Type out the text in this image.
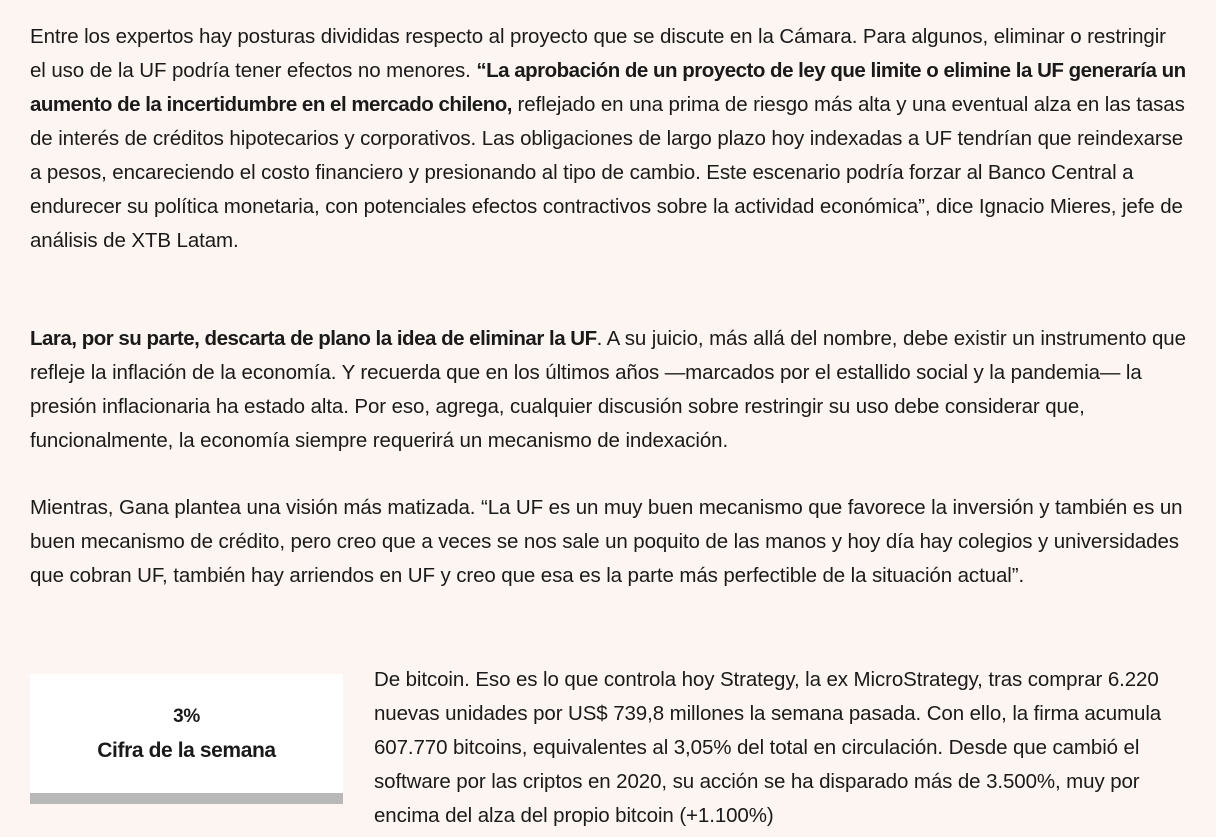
Entre los expertos hay posturas divididas respecto al proyecto que se discute en la Cámara. Para algunos, eliminar o restringir el uso de la UF podría tener efectos no menores. “La aprobación de un proyecto de ley que limite o elimine la UF generaría un aumento de la incertidumbre en el mercado chileno, reflejado en una prima de riesgo más alta y una eventual alza en las tasas de interés de créditos hipotecarios y corporativos. Las obligaciones de largo plazo hoy indexadas a UF tendrían que reindexarse a pesos, encareciendo el costo financiero y presionando al tipo de cambio. Este escenario podría forzar al Banco Central a endurecer su política monetaria, con potenciales efectos contractivos sobre la actividad económica”, dice Ignacio Mieres, jefe de análisis de XTB Latam.

Lara, por su parte, descarta de plano la idea de eliminar la UF. A su juicio, más allá del nombre, debe existir un instrumento que refleje la inflación de la economía. Y recuerda que en los últimos años —marcados por el estallido social y la pandemia— la presión inflacionaria ha estado alta. Por eso, agrega, cualquier discusión sobre restringir su uso debe considerar que, funcionalmente, la economía siempre requerirá un mecanismo de indexación.

Mientras, Gana plantea una visión más matizada. “La UF es un muy buen mecanismo que favorece la inversión y también es un buen mecanismo de crédito, pero creo que a veces se nos sale un poquito de las manos y hoy día hay colegios y universidades que cobran UF, también hay arriendos en UF y creo que esa es la parte más perfectible de la situación actual”.

3%
Cifra de la semana

De bitcoin. Eso es lo que controla hoy Strategy, la ex MicroStrategy, tras comprar 6.220 nuevas unidades por US$ 739,8 millones la semana pasada. Con ello, la firma acumula 607.770 bitcoins, equivalentes al 3,05% del total en circulación. Desde que cambió el software por las criptos en 2020, su acción se ha disparado más de 3.500%, muy por encima del alza del propio bitcoin (+1.100%)
